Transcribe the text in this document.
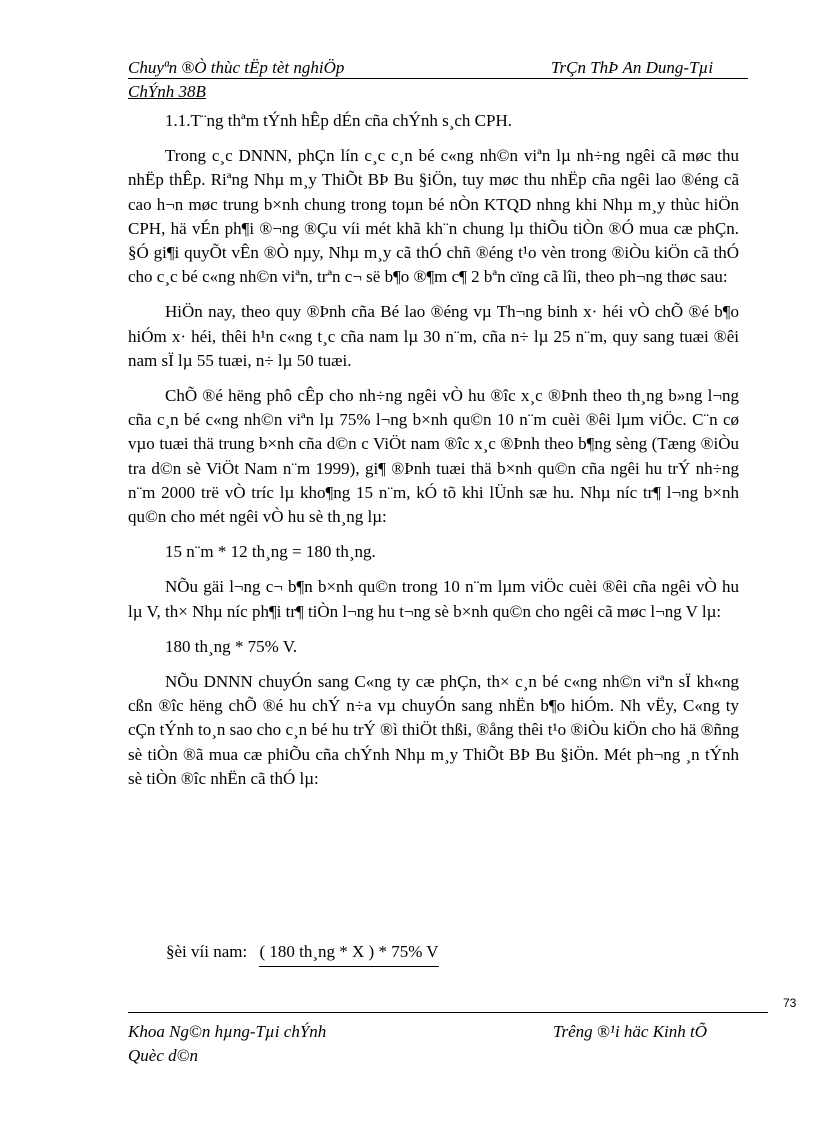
Chuyªn ®Ò thùc tËp tèt nghiÖp	TrÇn ThÞ An Dung-Tµi
ChÝnh 38B

1.1.T¨ng thªm tÝnh hÊp dÉn cña chÝnh s¸ch CPH.

Trong c¸c DNNN, phÇn lín c¸c c¸n bé c«ng nh©n viªn lµ nh÷ng ngêi cã møc thu nhËp thÊp. Riªng Nhµ m¸y ThiÕt BÞ Bu §iÖn, tuy møc thu nhËp cña ngêi lao ®éng cã cao h¬n møc trung b×nh chung trong toµn bé nÒn KTQD nhng khi Nhµ m¸y thùc hiÖn CPH, hä vÉn ph¶i ®¬ng ®Çu víi mét khã kh¨n chung lµ thiÕu tiÒn ®Ó mua cæ phÇn. §Ó gi¶i quyÕt vÊn ®Ò nµy, Nhµ m¸y cã thÓ chñ ®éng t¹o vèn trong ®iÒu kiÖn cã thÓ cho c¸c bé c«ng nh©n viªn, trªn c¬ së b¶o ®¶m c¶ 2 bªn cïng cã lîi, theo ph¬ng thøc sau:

HiÖn nay, theo quy ®Þnh cña Bé lao ®éng vµ Th¬ng binh x· héi vÒ chÕ ®é b¶o hiÓm x· héi, thêi h¹n c«ng t¸c cña nam lµ 30 n¨m, cña n÷ lµ 25 n¨m, quy sang tuæi ®êi nam sÏ lµ 55 tuæi, n÷ lµ 50 tuæi.

ChÕ ®é hëng phô cÊp cho nh÷ng ngêi vÒ hu ®îc x¸c ®Þnh theo th¸ng b»ng l¬ng cña c¸n bé c«ng nh©n viªn lµ 75% l¬ng b×nh qu©n 10 n¨m cuèi ®êi lµm viÖc. C¨n cø vµo tuæi thä trung b×nh cña d©n c ViÖt nam ®îc x¸c ®Þnh theo b¶ng sèng (Tæng ®iÒu tra d©n sè ViÖt Nam n¨m 1999), gi¶ ®Þnh tuæi thä b×nh qu©n cña ngêi hu trÝ nh÷ng n¨m 2000 trë vÒ tríc lµ kho¶ng 15 n¨m, kÓ tõ khi lÜnh sæ hu. Nhµ níc tr¶ l¬ng b×nh qu©n cho mét ngêi vÒ hu sè th¸ng lµ:

15 n¨m * 12 th¸ng = 180 th¸ng.

NÕu gäi l¬ng c¬ b¶n b×nh qu©n trong 10 n¨m lµm viÖc cuèi ®êi cña ngêi vÒ hu lµ V, th× Nhµ níc ph¶i tr¶ tiÒn l¬ng hu t¬ng sè b×nh qu©n cho ngêi cã møc l¬ng V lµ:

180 th¸ng * 75% V.

NÕu DNNN chuyÓn sang C«ng ty cæ phÇn, th× c¸n bé c«ng nh©n viªn sÏ kh«ng cßn ®îc hëng chÕ ®é hu chÝ n÷a vµ chuyÓn sang nhËn b¶o hiÓm. Nh vËy, C«ng ty cÇn tÝnh to¸n sao cho c¸n bé hu trÝ ®ì thiÖt thßi, ®ång thêi t¹o ®iÒu kiÖn cho hä ®ñng sè tiÒn ®ã mua cæ phiÕu cña chÝnh Nhµ m¸y ThiÕt BÞ Bu §iÖn. Mét ph¬ng ¸n tÝnh sè tiÒn ®îc nhËn cã thÓ lµ:

§èi víi nam: ( 180 th¸ng * X ) * 75% V
73
Khoa Ng©n hµng-Tµi chÝnh	Trêng ®¹i häc Kinh tÕ
Quèc d©n
